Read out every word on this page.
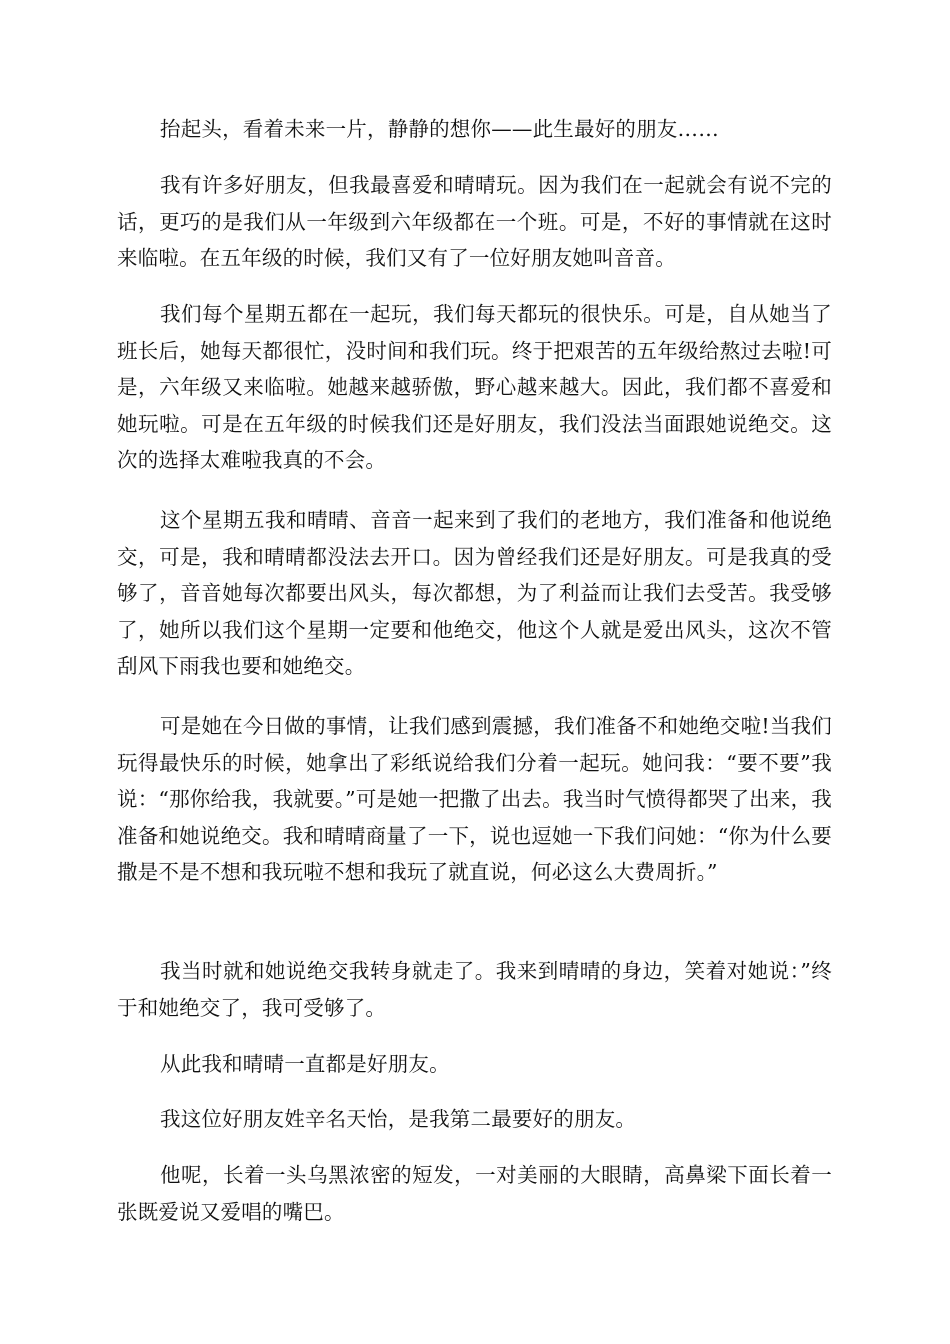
抬起头，看着未来一片，静静的想你——此生最好的朋友……

我有许多好朋友，但我最喜爱和晴晴玩。因为我们在一起就会有说不完的话，更巧的是我们从一年级到六年级都在一个班。可是，不好的事情就在这时来临啦。在五年级的时候，我们又有了一位好朋友她叫音音。

我们每个星期五都在一起玩，我们每天都玩的很快乐。可是，自从她当了班长后，她每天都很忙，没时间和我们玩。终于把艰苦的五年级给熬过去啦!可是，六年级又来临啦。她越来越骄傲，野心越来越大。因此，我们都不喜爱和她玩啦。可是在五年级的时候我们还是好朋友，我们没法当面跟她说绝交。这次的选择太难啦我真的不会。

这个星期五我和晴晴、音音一起来到了我们的老地方，我们准备和他说绝交，可是，我和晴晴都没法去开口。因为曾经我们还是好朋友。可是我真的受够了，音音她每次都要出风头，每次都想，为了利益而让我们去受苦。我受够了，她所以我们这个星期一定要和他绝交，他这个人就是爱出风头，这次不管刮风下雨我也要和她绝交。

可是她在今日做的事情，让我们感到震撼，我们准备不和她绝交啦!当我们玩得最快乐的时候，她拿出了彩纸说给我们分着一起玩。她问我：“要不要”我说：“那你给我，我就要。”可是她一把撒了出去。我当时气愤得都哭了出来，我准备和她说绝交。我和晴晴商量了一下，说也逗她一下我们问她：“你为什么要撒是不是不想和我玩啦不想和我玩了就直说，何必这么大费周折。”

我当时就和她说绝交我转身就走了。我来到晴晴的身边，笑着对她说：”终于和她绝交了，我可受够了。

从此我和晴晴一直都是好朋友。

我这位好朋友姓辛名天怡，是我第二最要好的朋友。

他呢，长着一头乌黑浓密的短发，一对美丽的大眼睛，高鼻梁下面长着一张既爱说又爱唱的嘴巴。
